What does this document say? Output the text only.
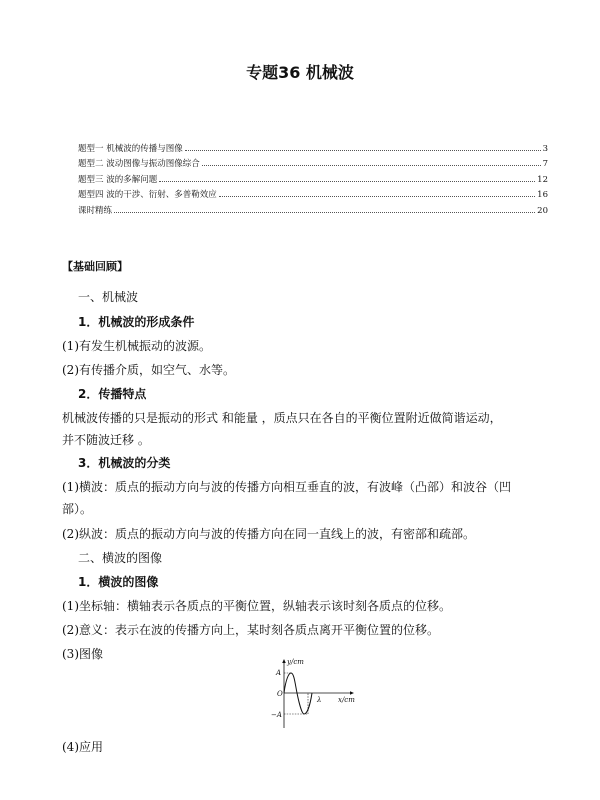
专题36 机械波
题型一 机械波的传播与图像	3
题型二 波动图像与振动图像综合	7
题型三 波的多解问题	12
题型四 波的干涉、衍射、多普勒效应	16
课时精练	20
【基础回顾】
一、机械波
1．机械波的形成条件
(1)有发生机械振动的波源。
(2)有传播介质，如空气、水等。
2．传播特点
机械波传播的只是振动的形式 和能量 ，质点只在各自的平衡位置附近做简谐运动，
并不随波迁移 。
3．机械波的分类
(1)横波：质点的振动方向与波的传播方向相互垂直的波，有波峰（凸部）和波谷（凹
部）。
(2)纵波：质点的振动方向与波的传播方向在同一直线上的波，有密部和疏部。
二、横波的图像
1．横波的图像
(1)坐标轴：横轴表示各质点的平衡位置，纵轴表示该时刻各质点的位移。
(2)意义：表示在波的传播方向上，某时刻各质点离开平衡位置的位移。
(3)图像
y/cm
A
O
−A
λ x/cm
(4)应用
